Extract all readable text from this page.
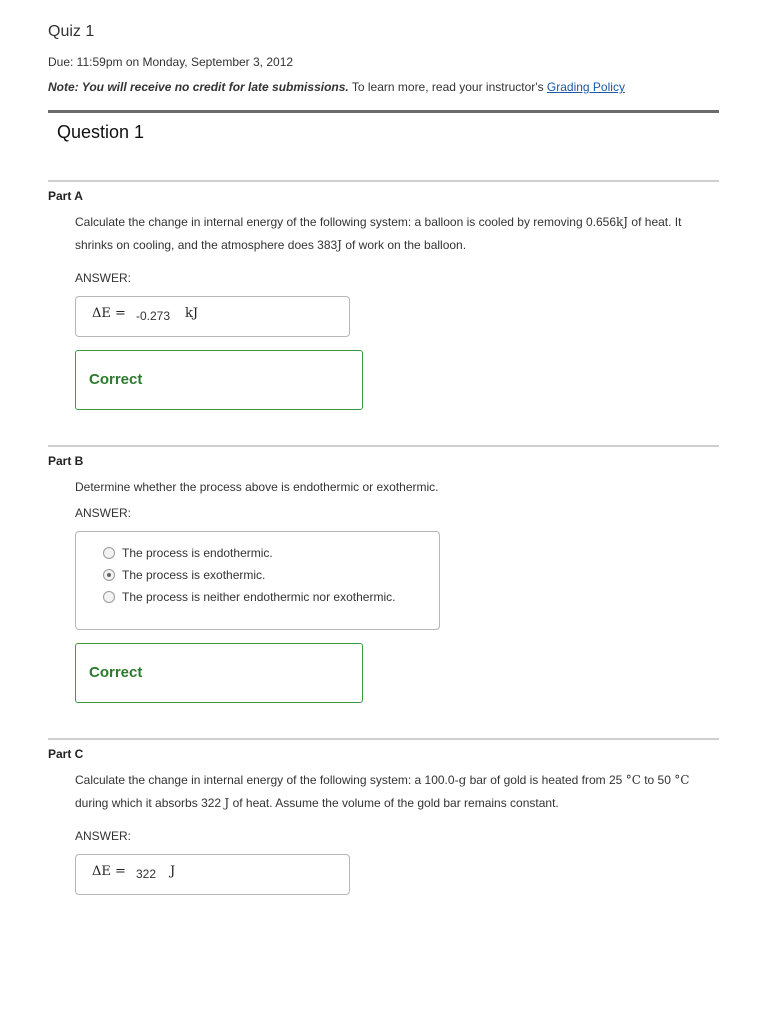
Quiz 1
Due: 11:59pm on Monday, September 3, 2012
Note: You will receive no credit for late submissions. To learn more, read your instructor's Grading Policy
Question 1
Part A
Calculate the change in internal energy of the following system: a balloon is cooled by removing 0.656kJ of heat. It shrinks on cooling, and the atmosphere does 383J of work on the balloon.
ANSWER:
ΔE = -0.273 kJ
Correct
Part B
Determine whether the process above is endothermic or exothermic.
ANSWER:
The process is endothermic.
The process is exothermic.
The process is neither endothermic nor exothermic.
Correct
Part C
Calculate the change in internal energy of the following system: a 100.0-g bar of gold is heated from 25 °C to 50 °C during which it absorbs 322 J of heat. Assume the volume of the gold bar remains constant.
ANSWER:
ΔE = 322 J
